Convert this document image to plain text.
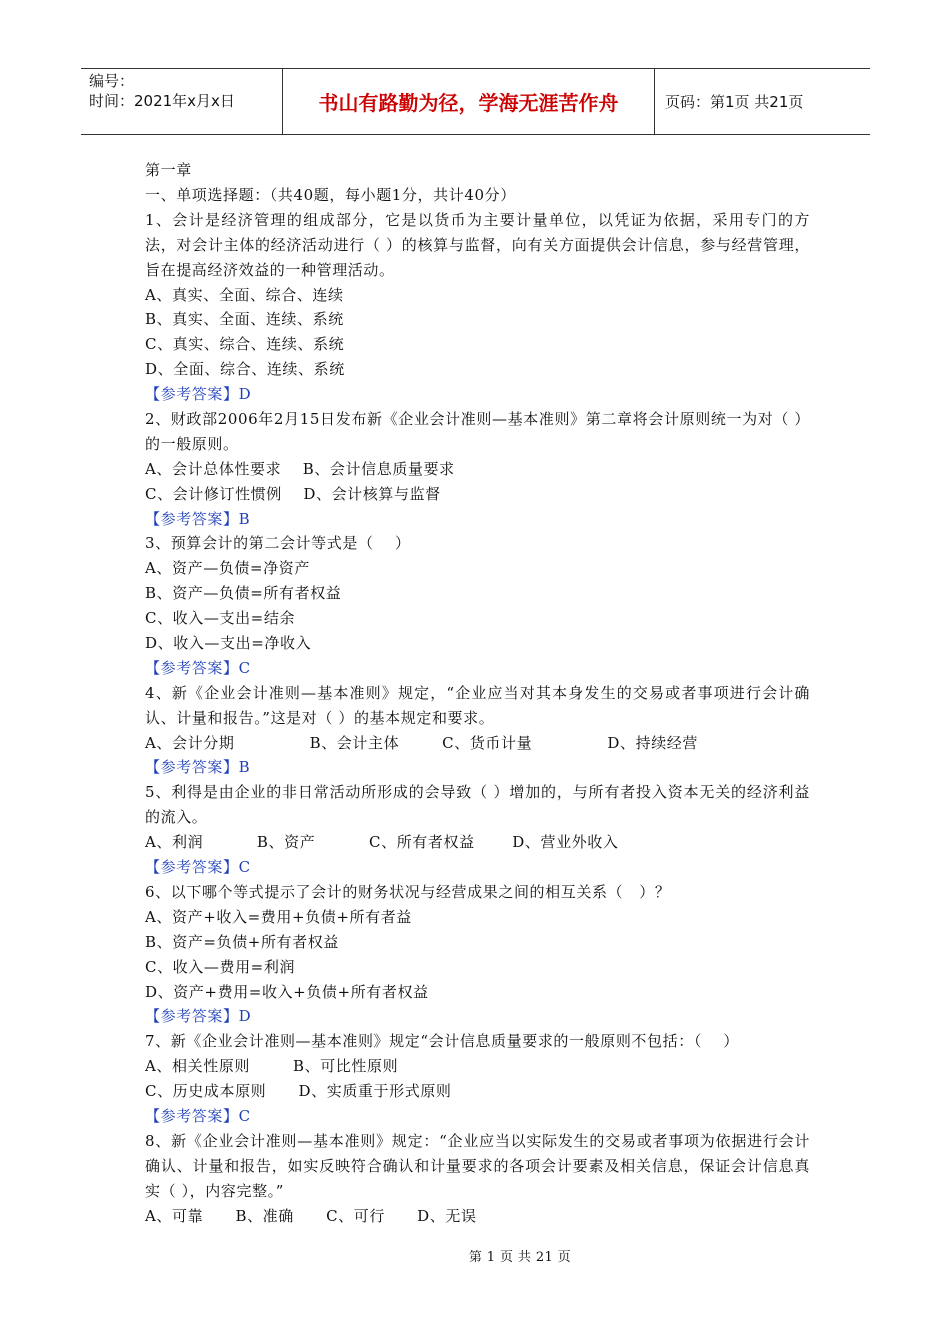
编号：
时间：2021年x月x日	书山有路勤为径，学海无涯苦作舟	页码：第1页 共21页
第一章
一、单项选择题：（共40题，每小题1分，共计40分）
1、会计是经济管理的组成部分，它是以货币为主要计量单位，以凭证为依据，采用专门的方法，对会计主体的经济活动进行（ ）的核算与监督，向有关方面提供会计信息，参与经营管理，旨在提高经济效益的一种管理活动。
A、真实、全面、综合、连续
B、真实、全面、连续、系统
C、真实、综合、连续、系统
D、全面、综合、连续、系统
【参考答案】D
2、财政部2006年2月15日发布新《企业会计准则—基本准则》第二章将会计原则统一为对（ ）的一般原则。
A、会计总体性要求    B、会计信息质量要求
C、会计修订性惯例    D、会计核算与监督
【参考答案】B
3、预算会计的第二会计等式是（    ）
A、资产—负债=净资产
B、资产—负债=所有者权益
C、收入—支出=结余
D、收入—支出=净收入
【参考答案】C
4、新《企业会计准则—基本准则》规定，“企业应当对其本身发生的交易或者事项进行会计确认、计量和报告。”这是对（ ）的基本规定和要求。
A、会计分期              B、会计主体        C、货币计量              D、持续经营
【参考答案】B
5、利得是由企业的非日常活动所形成的会导致（ ）增加的，与所有者投入资本无关的经济利益的流入。
A、利润          B、资产          C、所有者权益       D、营业外收入
【参考答案】C
6、以下哪个等式提示了会计的财务状况与经营成果之间的相互关系（   ）？
A、资产+收入=费用+负债+所有者益
B、资产=负债+所有者权益
C、收入—费用=利润
D、资产+费用=收入+负债+所有者权益
【参考答案】D
7、新《企业会计准则—基本准则》规定“会计信息质量要求的一般原则不包括：（    ）
A、相关性原则        B、可比性原则
C、历史成本原则      D、实质重于形式原则
【参考答案】C
8、新《企业会计准则—基本准则》规定：“企业应当以实际发生的交易或者事项为依据进行会计确认、计量和报告，如实反映符合确认和计量要求的各项会计要素及相关信息，保证会计信息真实（ ），内容完整。”
A、可靠      B、准确      C、可行      D、无误
第 1 页 共 21 页
